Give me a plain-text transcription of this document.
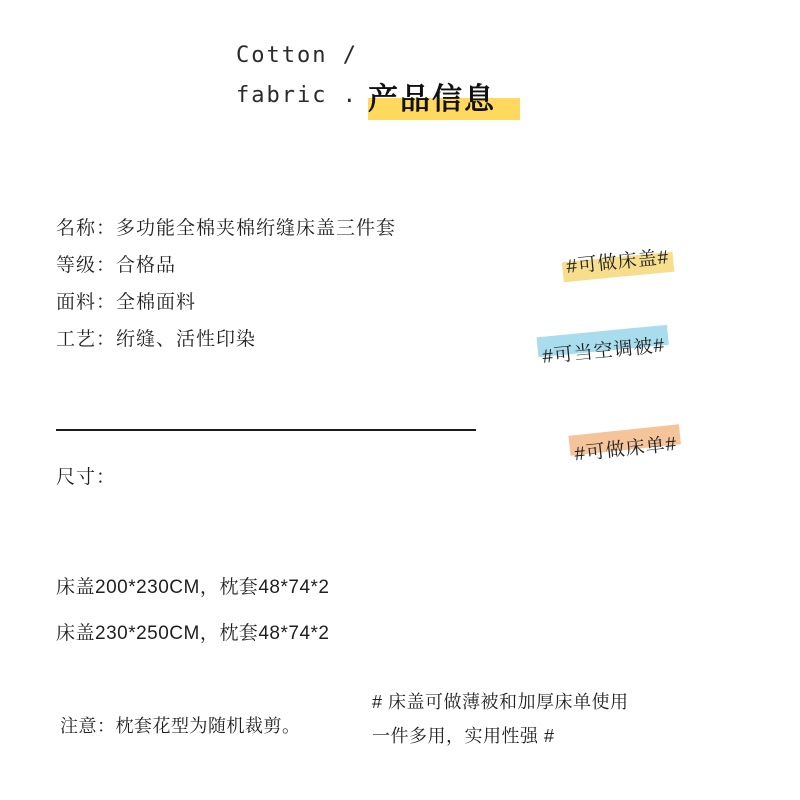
Cotton /
fabric . 产品信息
名称：多功能全棉夹棉绗缝床盖三件套
等级：合格品
面料：全棉面料
工艺：绗缝、活性印染
尺寸：
床盖200*230CM，枕套48*74*2
床盖230*250CM，枕套48*74*2
注意：枕套花型为随机裁剪。
# 床盖可做薄被和加厚床单使用
一件多用，实用性强 #
#可做床盖#
#可当空调被#
#可做床单#
